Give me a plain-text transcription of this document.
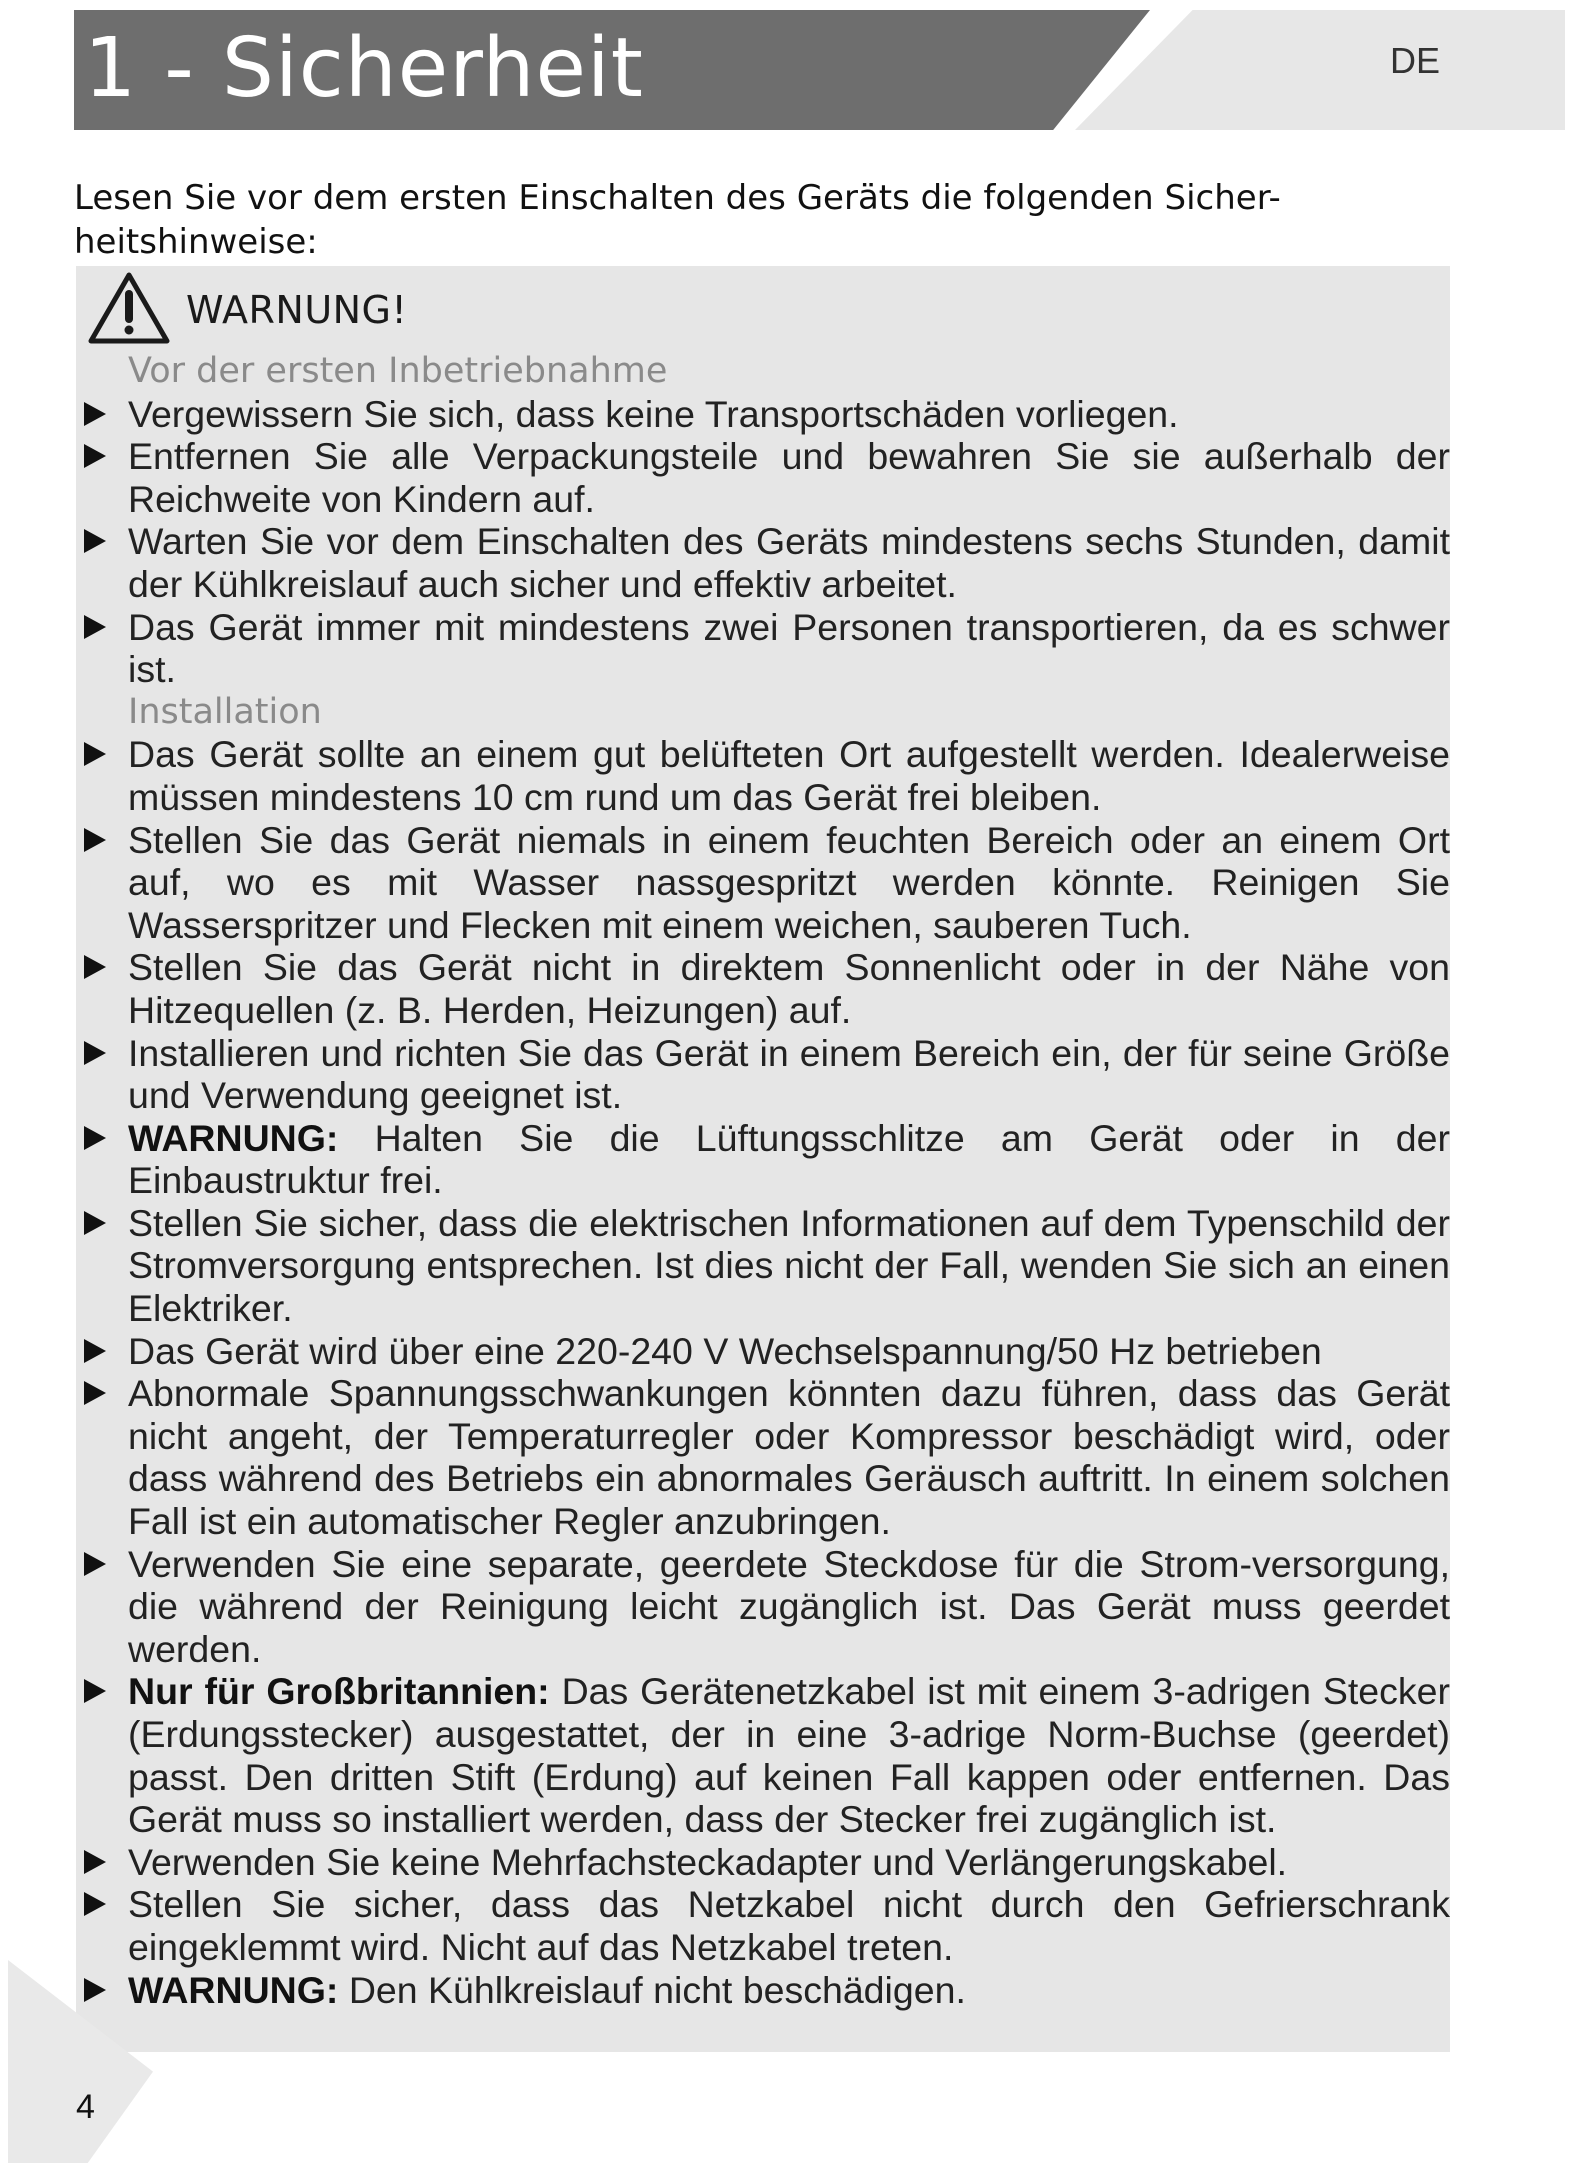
1 - Sicherheit	DE
Lesen Sie vor dem ersten Einschalten des Geräts die folgenden Sicher-heitshinweise:
WARNUNG!
Vor der ersten Inbetriebnahme
Vergewissern Sie sich, dass keine Transportschäden vorliegen.
Entfernen Sie alle Verpackungsteile und bewahren Sie sie außerhalb der Reichweite von Kindern auf.
Warten Sie vor dem Einschalten des Geräts mindestens sechs Stunden, damit der Kühlkreislauf auch sicher und effektiv arbeitet.
Das Gerät immer mit mindestens zwei Personen transportieren, da es schwer ist.
Installation
Das Gerät sollte an einem gut belüfteten Ort aufgestellt werden. Idealerweise müssen mindestens 10 cm rund um das Gerät frei bleiben.
Stellen Sie das Gerät niemals in einem feuchten Bereich oder an einem Ort auf, wo es mit Wasser nassgespritzt werden könnte. Reinigen Sie Wasserspritzer und Flecken mit einem weichen, sauberen Tuch.
Stellen Sie das Gerät nicht in direktem Sonnenlicht oder in der Nähe von Hitzequellen (z. B. Herden, Heizungen) auf.
Installieren und richten Sie das Gerät in einem Bereich ein, der für seine Größe und Verwendung geeignet ist.
WARNUNG: Halten Sie die Lüftungsschlitze am Gerät oder in der Einbaustruktur frei.
Stellen Sie sicher, dass die elektrischen Informationen auf dem Typenschild der Stromversorgung entsprechen. Ist dies nicht der Fall, wenden Sie sich an einen Elektriker.
Das Gerät wird über eine 220-240 V Wechselspannung/50 Hz betrieben
Abnormale Spannungsschwankungen könnten dazu führen, dass das Gerät nicht angeht, der Temperaturregler oder Kompressor beschädigt wird, oder dass während des Betriebs ein abnormales Geräusch auftritt. In einem solchen Fall ist ein automatischer Regler anzubringen.
Verwenden Sie eine separate, geerdete Steckdose für die Strom-versorgung, die während der Reinigung leicht zugänglich ist. Das Gerät muss geerdet werden.
Nur für Großbritannien: Das Gerätenetzkabel ist mit einem 3-adrigen Stecker (Erdungsstecker) ausgestattet, der in eine 3-adrige Norm-Buchse (geerdet) passt. Den dritten Stift (Erdung) auf keinen Fall kappen oder entfernen. Das Gerät muss so installiert werden, dass der Stecker frei zugänglich ist.
Verwenden Sie keine Mehrfachsteckadapter und Verlängerungskabel.
Stellen Sie sicher, dass das Netzkabel nicht durch den Gefrierschrank eingeklemmt wird. Nicht auf das Netzkabel treten.
WARNUNG: Den Kühlkreislauf nicht beschädigen.
4
